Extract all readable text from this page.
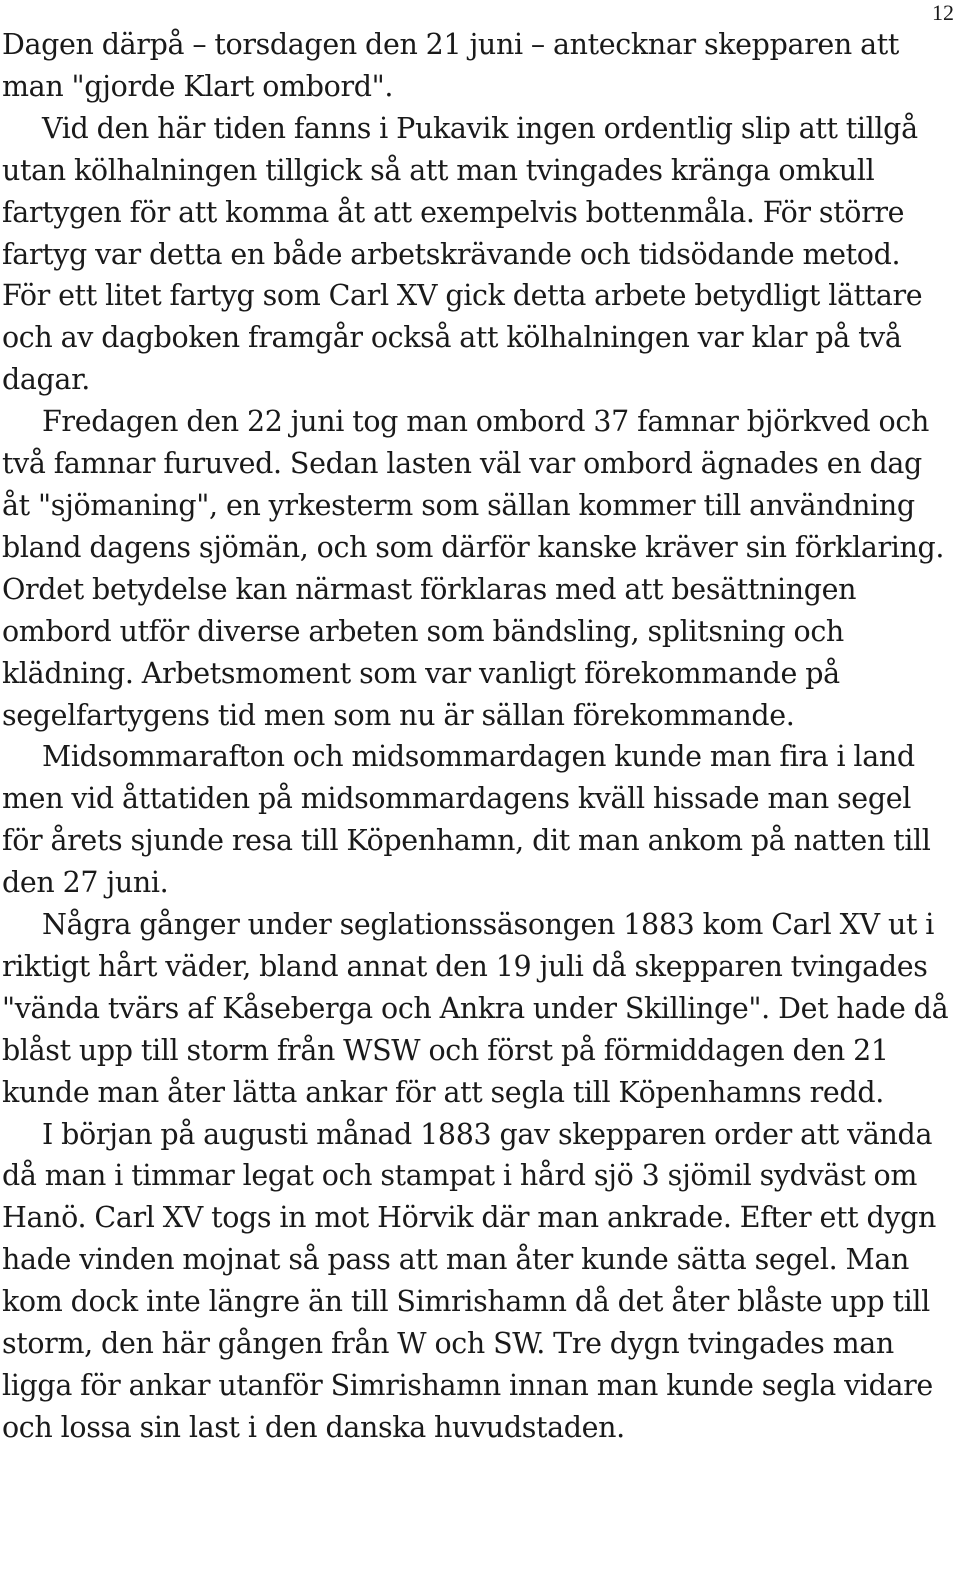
12

Dagen därpå – torsdagen den 21 juni – antecknar skepparen att man "gjorde Klart ombord".

Vid den här tiden fanns i Pukavik ingen ordentlig slip att tillgå utan kölhalningen tillgick så att man tvingades kränga omkull fartygen för att komma åt att exempelvis bottenmåla. För större fartyg var detta en både arbetskrävande och tidsödande metod. För ett litet fartyg som Carl XV gick detta arbete betydligt lättare och av dagboken framgår också att kölhalningen var klar på två dagar.

Fredagen den 22 juni tog man ombord 37 famnar björkved och två famnar furuved. Sedan lasten väl var ombord ägnades en dag åt "sjömaning", en yrkesterm som sällan kommer till användning bland dagens sjömän, och som därför kanske kräver sin förklaring. Ordet betydelse kan närmast förklaras med att besättningen ombord utför diverse arbeten som bändsling, splitsning och klädning. Arbetsmoment som var vanligt förekommande på segelfartygens tid men som nu är sällan förekommande.

Midsommarafton och midsommardagen kunde man fira i land men vid åttatiden på midsommardagens kväll hissade man segel för årets sjunde resa till Köpenhamn, dit man ankom på natten till den 27 juni.

Några gånger under seglationssäsongen 1883 kom Carl XV ut i riktigt hårt väder, bland annat den 19 juli då skepparen tvingades "vända tvärs af Kåseberga och Ankra under Skillinge". Det hade då blåst upp till storm från WSW och först på förmiddagen den 21 kunde man åter lätta ankar för att segla till Köpenhamns redd.

I början på augusti månad 1883 gav skepparen order att vända då man i timmar legat och stampat i hård sjö 3 sjömil sydväst om Hanö. Carl XV togs in mot Hörvik där man ankrade. Efter ett dygn hade vinden mojnat så pass att man åter kunde sätta segel. Man kom dock inte längre än till Simrishamn då det åter blåste upp till storm, den här gången från W och SW. Tre dygn tvingades man ligga för ankar utanför Simrishamn innan man kunde segla vidare och lossa sin last i den danska huvudstaden.
